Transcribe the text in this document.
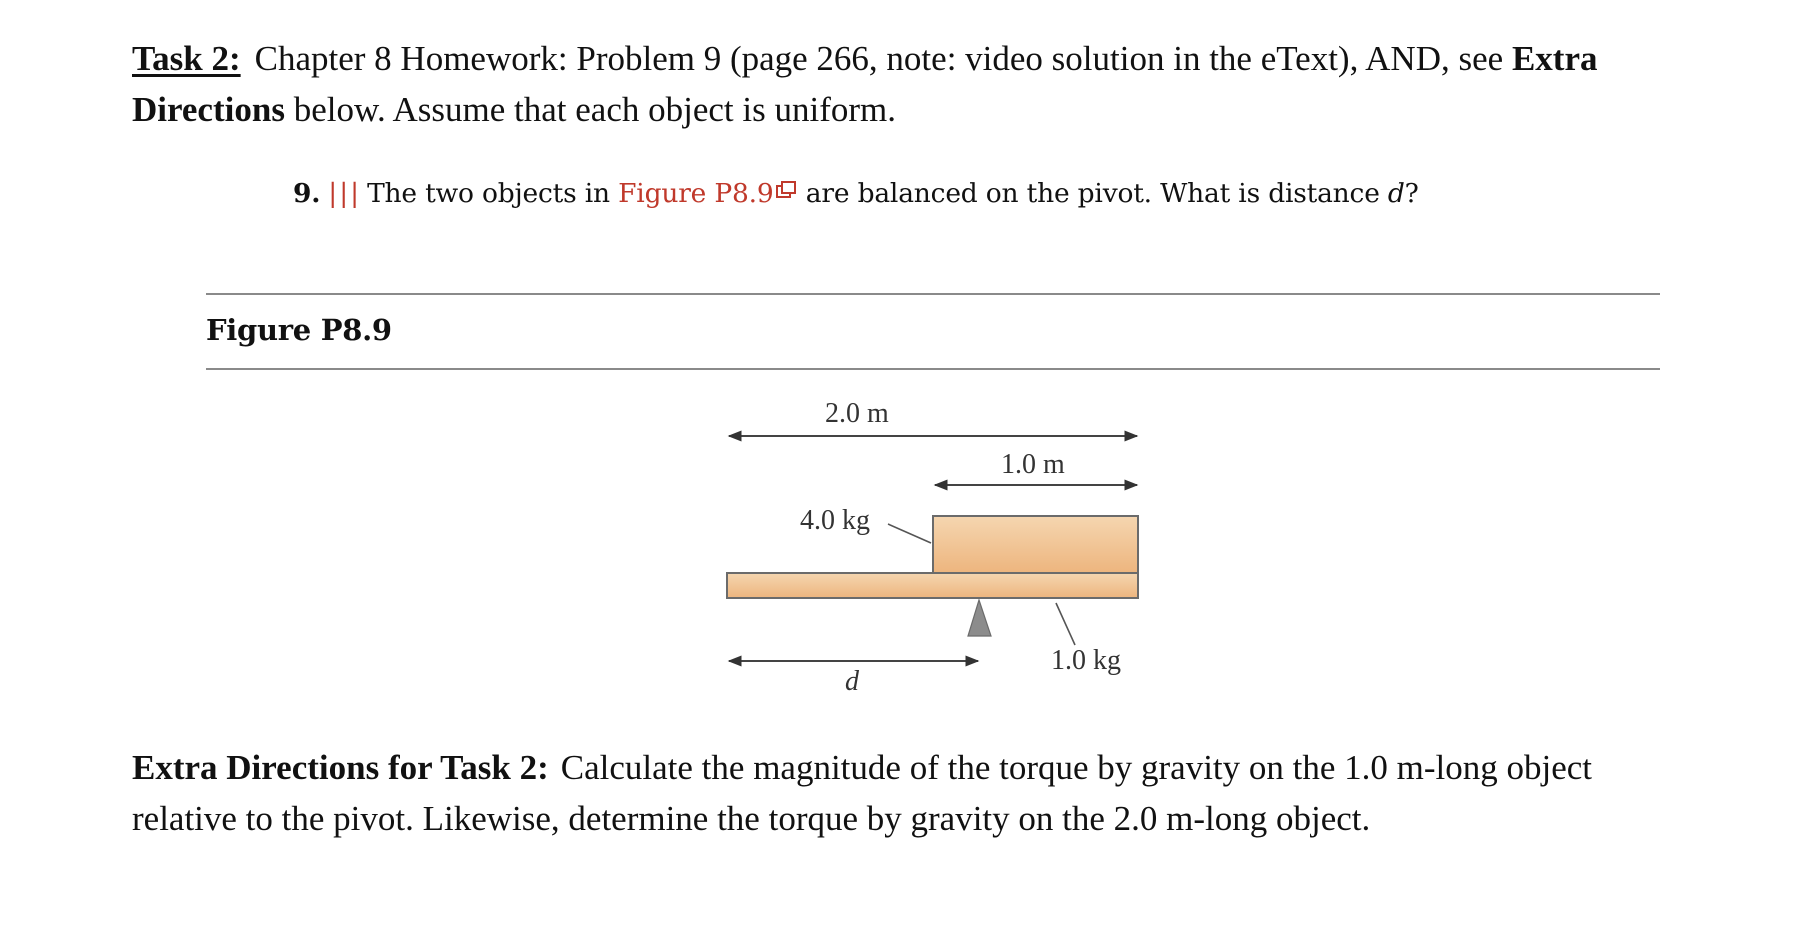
Task 2: Chapter 8 Homework: Problem 9 (page 266, note: video solution in the eText), AND, see Extra Directions below. Assume that each object is uniform.
9. ||| The two objects in Figure P8.9
are balanced on the pivot. What is distance d?
Figure P8.9
2.0 m
1.0 m
4.0 kg
1.0 kg
d
Extra Directions for Task 2: Calculate the magnitude of the torque by gravity on the 1.0 m-long object relative to the pivot. Likewise, determine the torque by gravity on the 2.0 m-long object.
